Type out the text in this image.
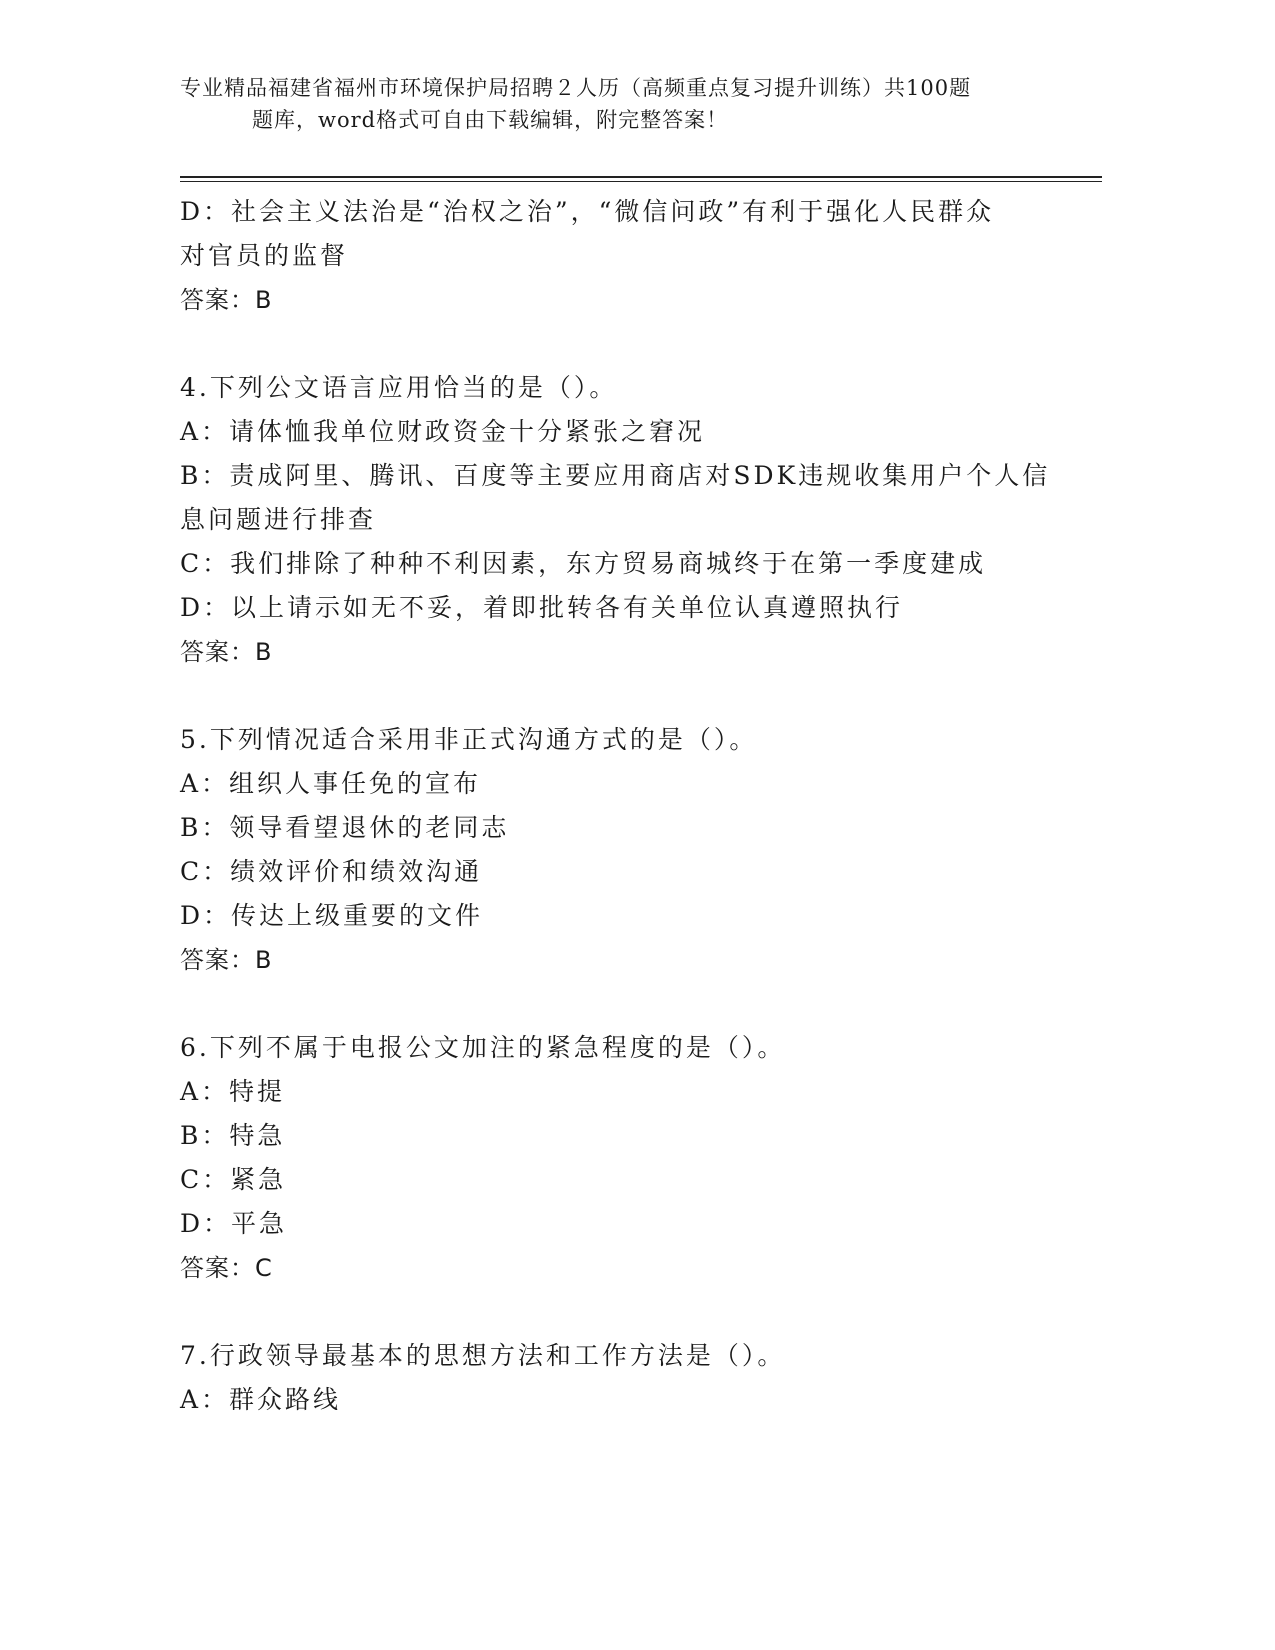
专业精品福建省福州市环境保护局招聘２人历（高频重点复习提升训练）共100题
题库，word格式可自由下载编辑，附完整答案！
D：社会主义法治是“治权之治”，“微信问政”有利于强化人民群众
对官员的监督
答案：B
4.下列公文语言应用恰当的是（）。
A：请体恤我单位财政资金十分紧张之窘况
B：责成阿里、腾讯、百度等主要应用商店对SDK违规收集用户个人信
息问题进行排查
C：我们排除了种种不利因素，东方贸易商城终于在第一季度建成
D：以上请示如无不妥，着即批转各有关单位认真遵照执行
答案：B
5.下列情况适合采用非正式沟通方式的是（）。
A：组织人事任免的宣布
B：领导看望退休的老同志
C：绩效评价和绩效沟通
D：传达上级重要的文件
答案：B
6.下列不属于电报公文加注的紧急程度的是（）。
A：特提
B：特急
C：紧急
D：平急
答案：C
7.行政领导最基本的思想方法和工作方法是（）。
A：群众路线
